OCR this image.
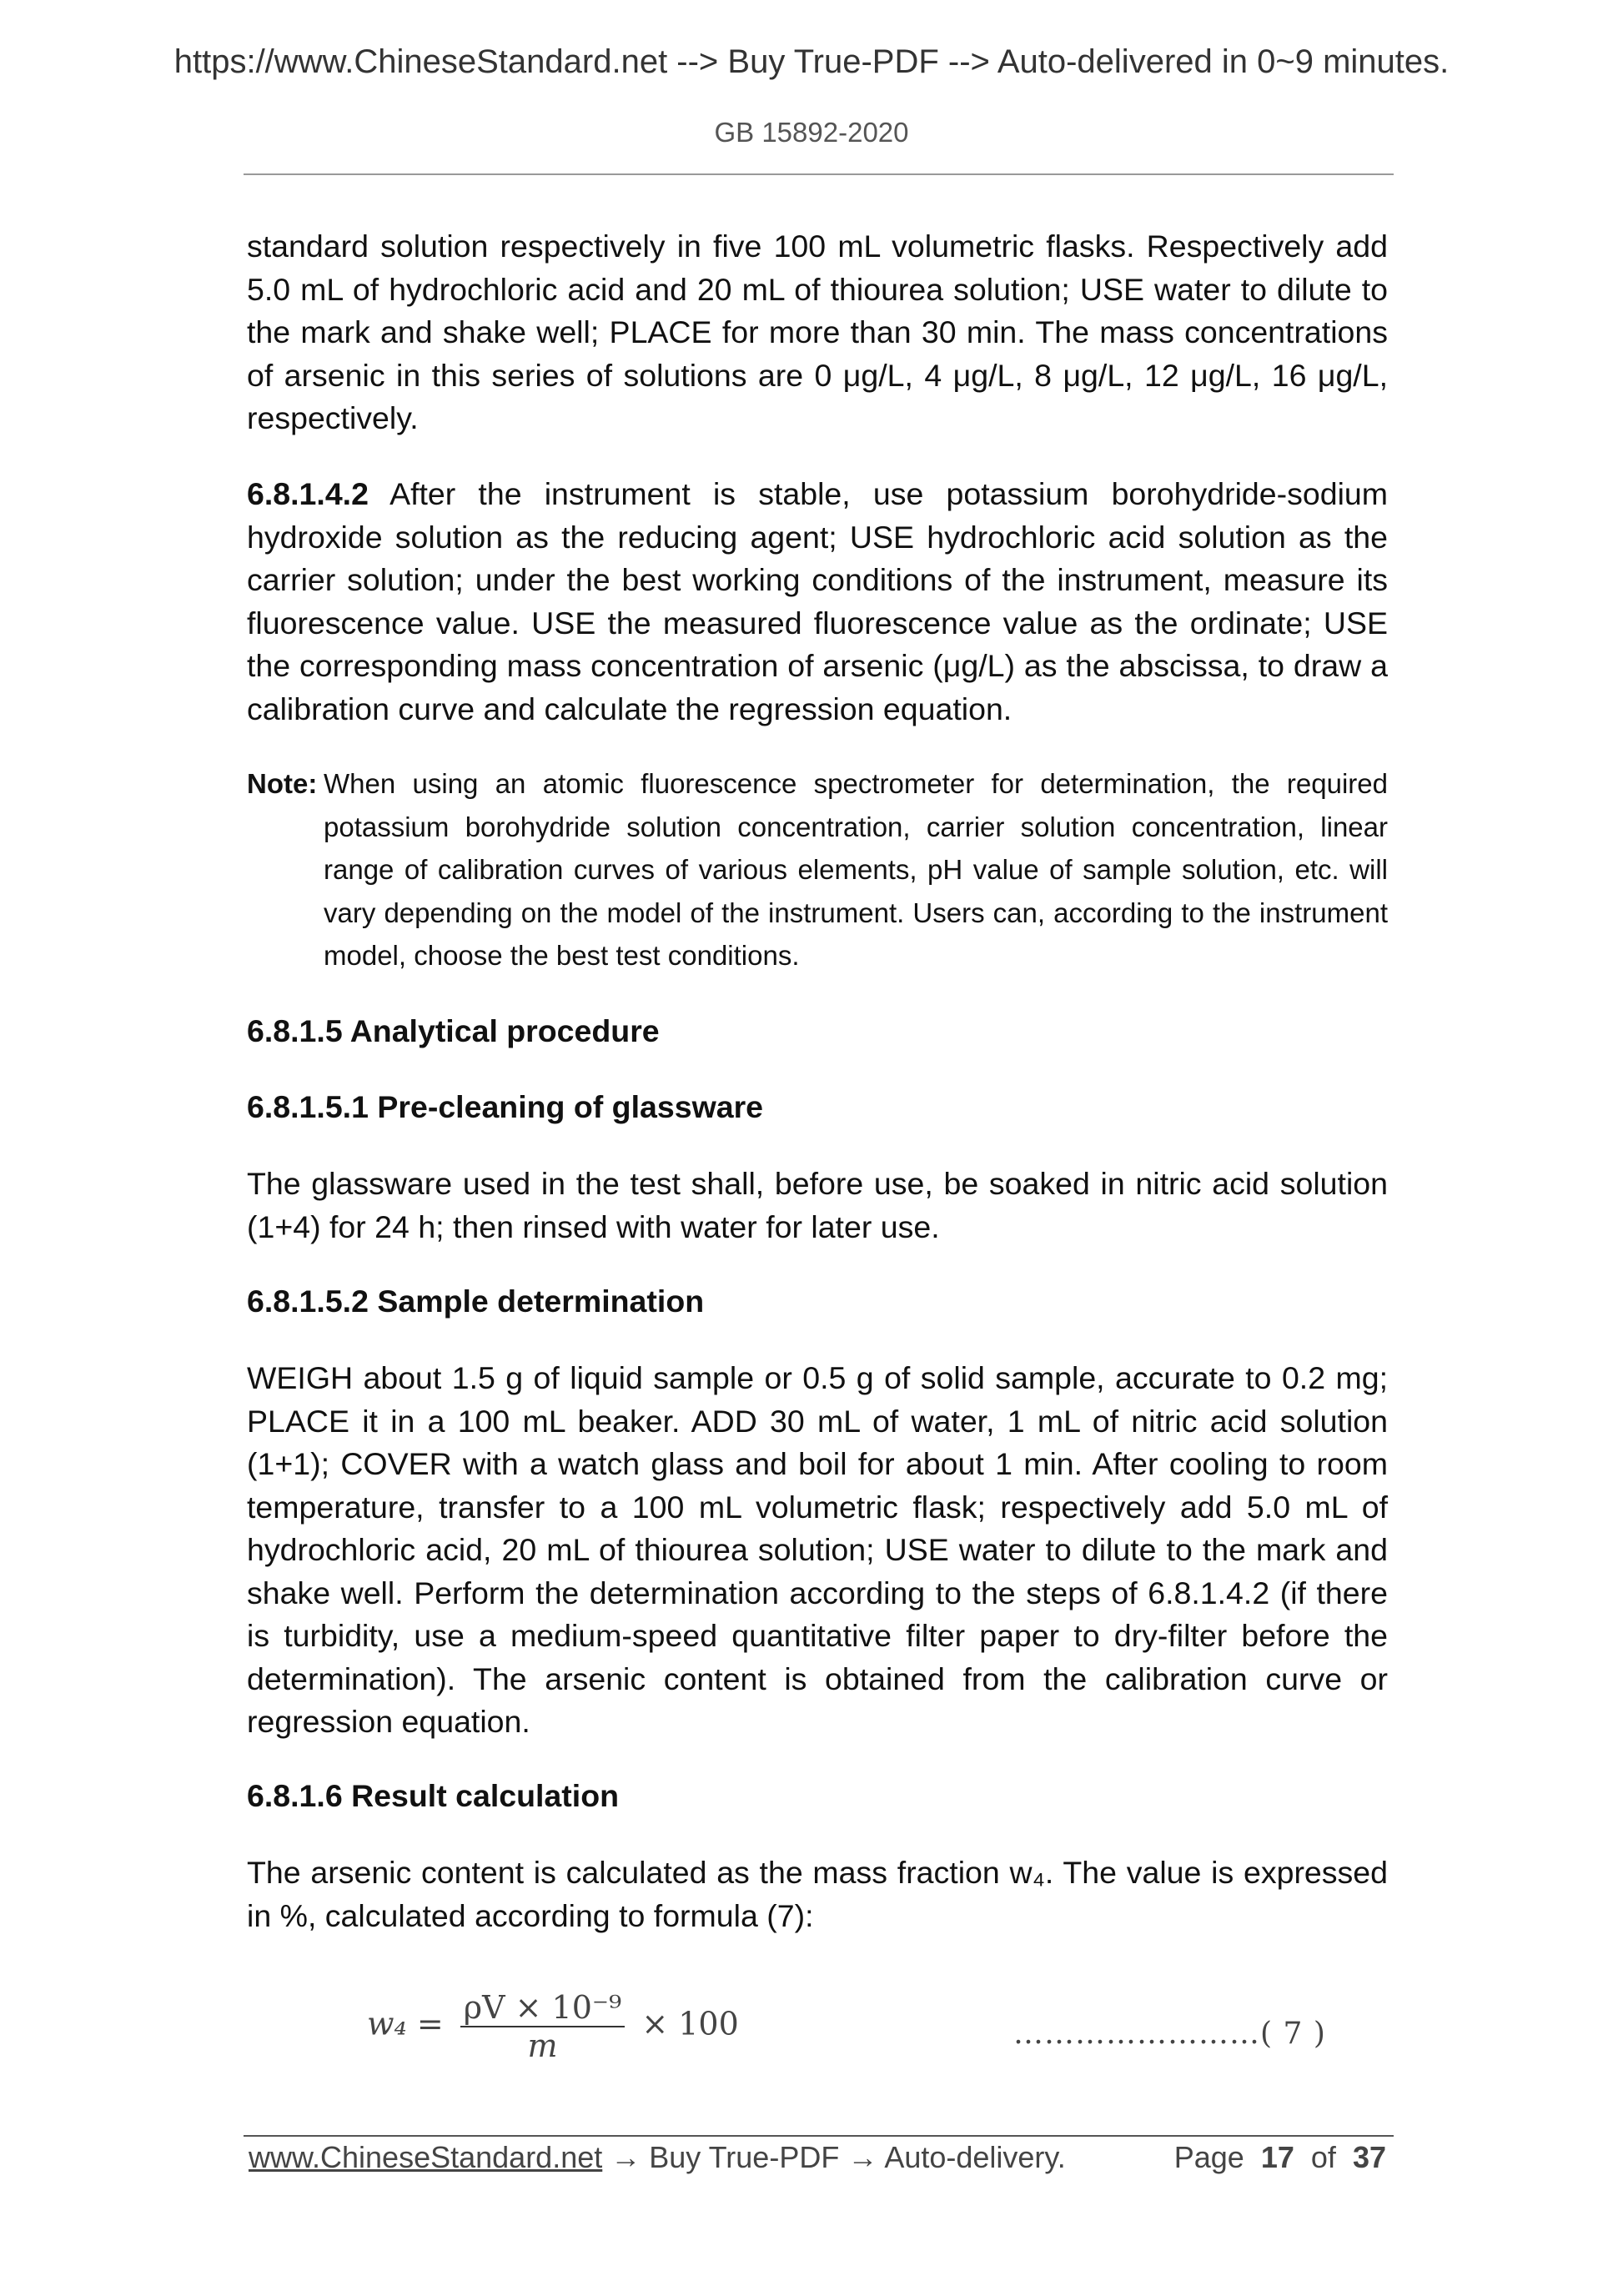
https://www.ChineseStandard.net --> Buy True-PDF --> Auto-delivered in 0~9 minutes.
GB 15892-2020
standard solution respectively in five 100 mL volumetric flasks. Respectively add 5.0 mL of hydrochloric acid and 20 mL of thiourea solution; USE water to dilute to the mark and shake well; PLACE for more than 30 min. The mass concentrations of arsenic in this series of solutions are 0 μg/L, 4 μg/L, 8 μg/L, 12 μg/L, 16 μg/L, respectively.
6.8.1.4.2 After the instrument is stable, use potassium borohydride-sodium hydroxide solution as the reducing agent; USE hydrochloric acid solution as the carrier solution; under the best working conditions of the instrument, measure its fluorescence value. USE the measured fluorescence value as the ordinate; USE the corresponding mass concentration of arsenic (μg/L) as the abscissa, to draw a calibration curve and calculate the regression equation.
Note: When using an atomic fluorescence spectrometer for determination, the required potassium borohydride solution concentration, carrier solution concentration, linear range of calibration curves of various elements, pH value of sample solution, etc. will vary depending on the model of the instrument. Users can, according to the instrument model, choose the best test conditions.
6.8.1.5 Analytical procedure
6.8.1.5.1 Pre-cleaning of glassware
The glassware used in the test shall, before use, be soaked in nitric acid solution (1+4) for 24 h; then rinsed with water for later use.
6.8.1.5.2 Sample determination
WEIGH about 1.5 g of liquid sample or 0.5 g of solid sample, accurate to 0.2 mg; PLACE it in a 100 mL beaker. ADD 30 mL of water, 1 mL of nitric acid solution (1+1); COVER with a watch glass and boil for about 1 min. After cooling to room temperature, transfer to a 100 mL volumetric flask; respectively add 5.0 mL of hydrochloric acid, 20 mL of thiourea solution; USE water to dilute to the mark and shake well. Perform the determination according to the steps of 6.8.1.4.2 (if there is turbidity, use a medium-speed quantitative filter paper to dry-filter before the determination). The arsenic content is obtained from the calibration curve or regression equation.
6.8.1.6 Result calculation
The arsenic content is calculated as the mass fraction w₄. The value is expressed in %, calculated according to formula (7):
$w_4 = \frac{\text{ρV × 10⁻⁹}}{m} \times 100$	……………………( 7 )
www.ChineseStandard.net → Buy True-PDF → Auto-delivery.	Page 17 of 37
